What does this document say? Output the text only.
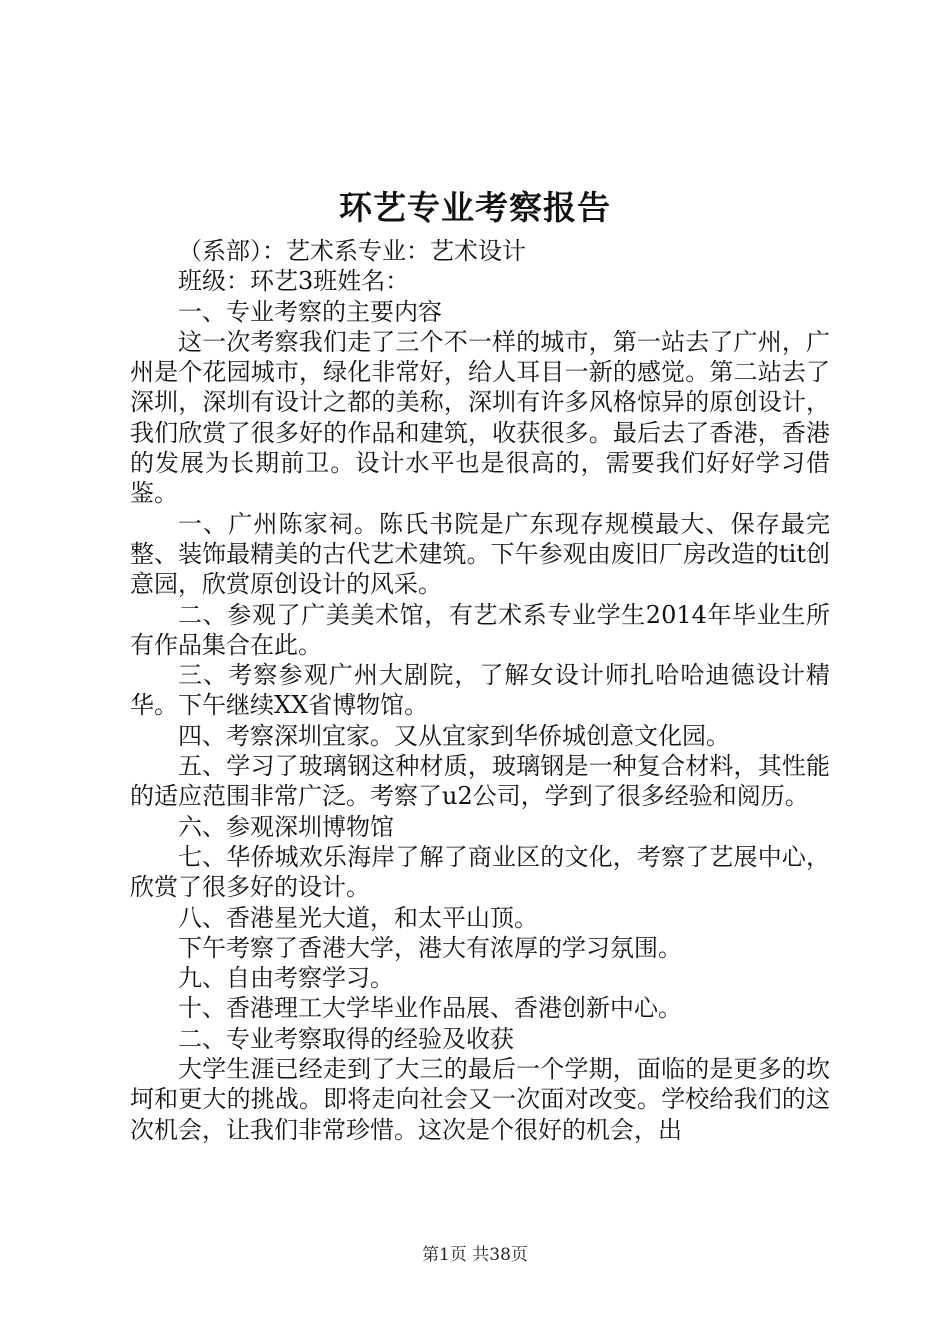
环艺专业考察报告

（系部）：艺术系专业：艺术设计

班级：环艺3班姓名：

一、专业考察的主要内容

这一次考察我们走了三个不一样的城市，第一站去了广州，广州是个花园城市，绿化非常好，给人耳目一新的感觉。第二站去了深圳，深圳有设计之都的美称，深圳有许多风格惊异的原创设计，我们欣赏了很多好的作品和建筑，收获很多。最后去了香港，香港的发展为长期前卫。设计水平也是很高的，需要我们好好学习借鉴。

一、广州陈家祠。陈氏书院是广东现存规模最大、保存最完整、装饰最精美的古代艺术建筑。下午参观由废旧厂房改造的tit创意园，欣赏原创设计的风采。

二、参观了广美美术馆，有艺术系专业学生2014年毕业生所有作品集合在此。

三、考察参观广州大剧院，了解女设计师扎哈哈迪德设计精华。下午继续XX省博物馆。

四、考察深圳宜家。又从宜家到华侨城创意文化园。

五、学习了玻璃钢这种材质，玻璃钢是一种复合材料，其性能的适应范围非常广泛。考察了u2公司，学到了很多经验和阅历。

六、参观深圳博物馆

七、华侨城欢乐海岸了解了商业区的文化，考察了艺展中心，欣赏了很多好的设计。

八、香港星光大道，和太平山顶。

下午考察了香港大学，港大有浓厚的学习氛围。

九、自由考察学习。

十、香港理工大学毕业作品展、香港创新中心。

二、专业考察取得的经验及收获

大学生涯已经走到了大三的最后一个学期，面临的是更多的坎坷和更大的挑战。即将走向社会又一次面对改变。学校给我们的这次机会，让我们非常珍惜。这次是个很好的机会，出

第1页 共38页
